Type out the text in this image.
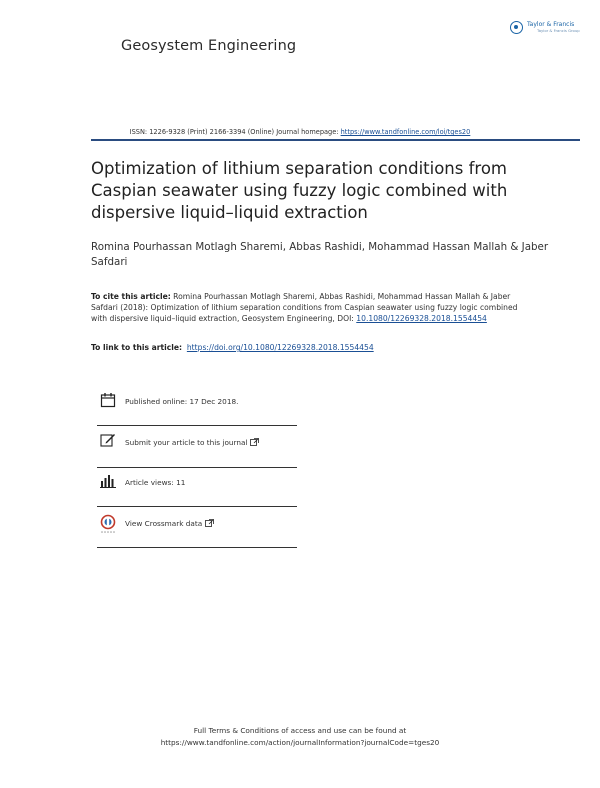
Geosystem Engineering
Taylor & Francis
Taylor & Francis Group
ISSN: 1226-9328 (Print) 2166-3394 (Online) Journal homepage: https://www.tandfonline.com/loi/tges20
Optimization of lithium separation conditions from Caspian seawater using fuzzy logic combined with dispersive liquid–liquid extraction
Romina Pourhassan Motlagh Sharemi, Abbas Rashidi, Mohammad Hassan Mallah & Jaber Safdari
To cite this article: Romina Pourhassan Motlagh Sharemi, Abbas Rashidi, Mohammad Hassan Mallah & Jaber Safdari (2018): Optimization of lithium separation conditions from Caspian seawater using fuzzy logic combined with dispersive liquid–liquid extraction, Geosystem Engineering, DOI: 10.1080/12269328.2018.1554454
To link to this article: https://doi.org/10.1080/12269328.2018.1554454
Published online: 17 Dec 2018.
Submit your article to this journal
Article views: 11
View Crossmark data
Full Terms & Conditions of access and use can be found at
https://www.tandfonline.com/action/journalInformation?journalCode=tges20
